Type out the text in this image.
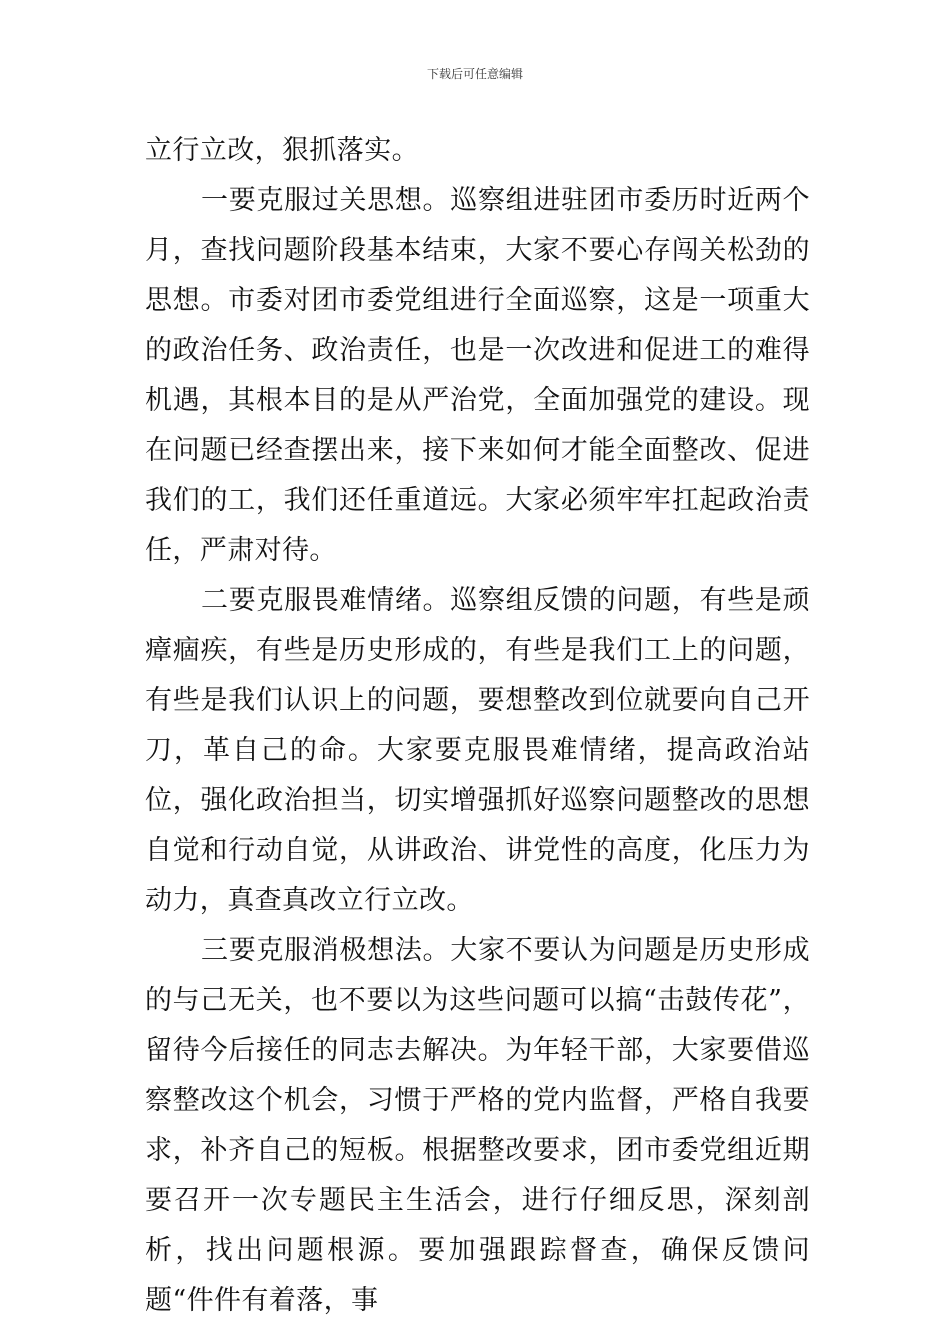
下载后可任意编辑

立行立改，狠抓落实。

一要克服过关思想。巡察组进驻团市委历时近两个月，查找问题阶段基本结束，大家不要心存闯关松劲的思想。市委对团市委党组进行全面巡察，这是一项重大的政治任务、政治责任，也是一次改进和促进工的难得机遇，其根本目的是从严治党，全面加强党的建设。现在问题已经查摆出来，接下来如何才能全面整改、促进我们的工，我们还任重道远。大家必须牢牢扛起政治责任，严肃对待。

二要克服畏难情绪。巡察组反馈的问题，有些是顽瘴痼疾，有些是历史形成的，有些是我们工上的问题，有些是我们认识上的问题，要想整改到位就要向自己开刀，革自己的命。大家要克服畏难情绪，提高政治站位，强化政治担当，切实增强抓好巡察问题整改的思想自觉和行动自觉，从讲政治、讲党性的高度，化压力为动力，真查真改立行立改。

三要克服消极想法。大家不要认为问题是历史形成的与己无关，也不要以为这些问题可以搞“击鼓传花”，留待今后接任的同志去解决。为年轻干部，大家要借巡察整改这个机会，习惯于严格的党内监督，严格自我要求，补齐自己的短板。根据整改要求，团市委党组近期要召开一次专题民主生活会，进行仔细反思，深刻剖析，找出问题根源。要加强跟踪督查，确保反馈问题“件件有着落，事
